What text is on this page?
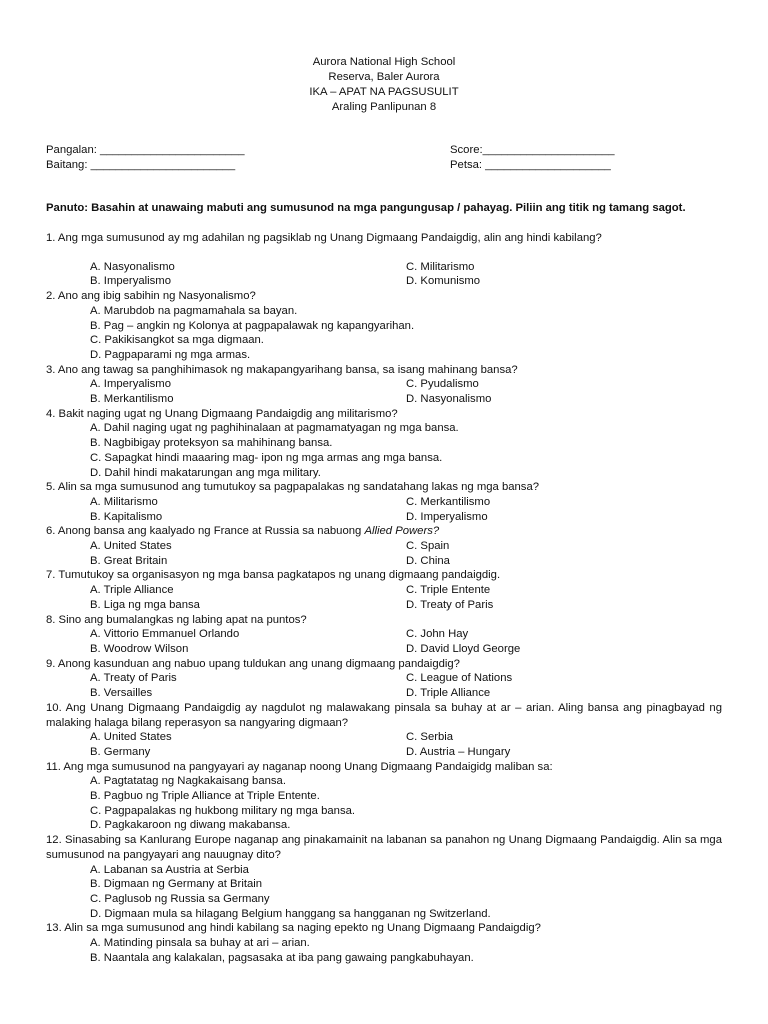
Aurora National High School
Reserva, Baler Aurora
IKA – APAT NA PAGSUSULIT
Araling Panlipunan 8
Pangalan: _______________________	Score:_____________________
Baitang: _______________________	Petsa: ____________________
Panuto: Basahin at unawaing mabuti ang sumusunod na mga pangungusap / pahayag. Piliin ang titik ng tamang sagot.
1. Ang mga sumusunod ay mg adahilan ng pagsiklab ng Unang Digmaang Pandaigdig, alin ang hindi kabilang?
A. Nasyonalismo	C. Militarismo
B. Imperyalismo	D. Komunismo
2. Ano ang ibig sabihin ng Nasyonalismo?
A. Marubdob na pagmamahala sa bayan.
B. Pag – angkin ng Kolonya at pagpapalawak ng kapangyarihan.
C. Pakikisangkot sa mga digmaan.
D. Pagpaparami ng mga armas.
3. Ano ang tawag sa panghihimasok ng makapangyarihang bansa, sa isang mahinang bansa?
A. Imperyalismo	C. Pyudalismo
B. Merkantilismo	D. Nasyonalismo
4. Bakit naging ugat ng Unang Digmaang Pandaigdig ang militarismo?
A. Dahil naging ugat ng paghihinalaan at pagmamatyagan ng mga bansa.
B. Nagbibigay proteksyon sa mahihinang bansa.
C. Sapagkat hindi maaaring mag- ipon ng mga armas ang mga bansa.
D. Dahil hindi makatarungan ang mga military.
5. Alin sa mga sumusunod ang tumutukoy sa pagpapalakas ng sandatahang lakas ng mga bansa?
A. Militarismo	C. Merkantilismo
B. Kapitalismo	D. Imperyalismo
6. Anong bansa ang kaalyado ng France at Russia sa nabuong Allied Powers?
A. United States	C. Spain
B. Great Britain	D. China
7. Tumutukoy sa organisasyon ng mga bansa pagkatapos ng unang digmaang pandaigdig.
A. Triple Alliance	C. Triple Entente
B. Liga ng mga bansa	D. Treaty of Paris
8. Sino ang bumalangkas ng labing apat na puntos?
A. Vittorio Emmanuel Orlando	C. John Hay
B. Woodrow Wilson	D. David Lloyd George
9. Anong kasunduan ang nabuo upang tuldukan ang unang digmaang pandaigdig?
A. Treaty of Paris	C. League of Nations
B. Versailles	D. Triple Alliance
10. Ang Unang Digmaang Pandaigdig ay nagdulot ng malawakang pinsala sa buhay at ar – arian. Aling bansa ang pinagbayad ng malaking halaga bilang reperasyon sa nangyaring digmaan?
A. United States	C. Serbia
B. Germany	D. Austria – Hungary
11. Ang mga sumusunod na pangyayari ay naganap noong Unang Digmaang Pandaigidg maliban sa:
A. Pagtatatag ng Nagkakaisang bansa.
B. Pagbuo ng Triple Alliance at Triple Entente.
C. Pagpapalakas ng hukbong military ng mga bansa.
D. Pagkakaroon ng diwang makabansa.
12. Sinasabing sa Kanlurang Europe naganap ang pinakamainit na labanan sa panahon ng Unang Digmaang Pandaigdig. Alin sa mga sumusunod na pangyayari ang nauugnay dito?
A. Labanan sa Austria at Serbia
B. Digmaan ng Germany at Britain
C. Paglusob ng Russia sa Germany
D. Digmaan mula sa hilagang Belgium hanggang sa hangganan ng Switzerland.
13. Alin sa mga sumusunod ang hindi kabilang sa naging epekto ng Unang Digmaang Pandaigdig?
A. Matinding pinsala sa buhay at ari – arian.
B. Naantala ang kalakalan, pagsasaka at iba pang gawaing pangkabuhayan.
